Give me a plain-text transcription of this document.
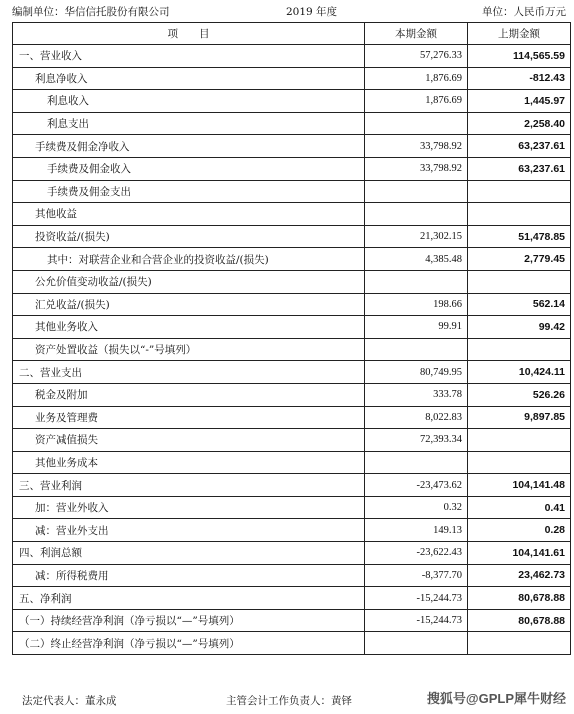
编制单位：华信信托股份有限公司	2019 年度	单位：人民币万元
项　　目	本期金额	上期金额
一、营业收入	57,276.33	114,565.59
利息净收入	1,876.69	-812.43
利息收入	1,876.69	1,445.97
利息支出		2,258.40
手续费及佣金净收入	33,798.92	63,237.61
手续费及佣金收入	33,798.92	63,237.61
手续费及佣金支出		
其他收益		
投资收益/(损失)	21,302.15	51,478.85
其中：对联营企业和合营企业的投资收益/(损失)	4,385.48	2,779.45
公允价值变动收益/(损失)		
汇兑收益/(损失)	198.66	562.14
其他业务收入	99.91	99.42
资产处置收益（损失以“-”号填列）		
二、营业支出	80,749.95	10,424.11
税金及附加	333.78	526.26
业务及管理费	8,022.83	9,897.85
资产减值损失	72,393.34	
其他业务成本		
三、营业利润	-23,473.62	104,141.48
加：营业外收入	0.32	0.41
减：营业外支出	149.13	0.28
四、利润总额	-23,622.43	104,141.61
减：所得税费用	-8,377.70	23,462.73
五、净利润	-15,244.73	80,678.88
（一）持续经营净利润（净亏损以“—”号填列）	-15,244.73	80,678.88
（二）终止经营净利润（净亏损以“—”号填列）		
法定代表人：董永成	主管会计工作负责人：黄铎	搜狐号@GPLP犀牛财经
